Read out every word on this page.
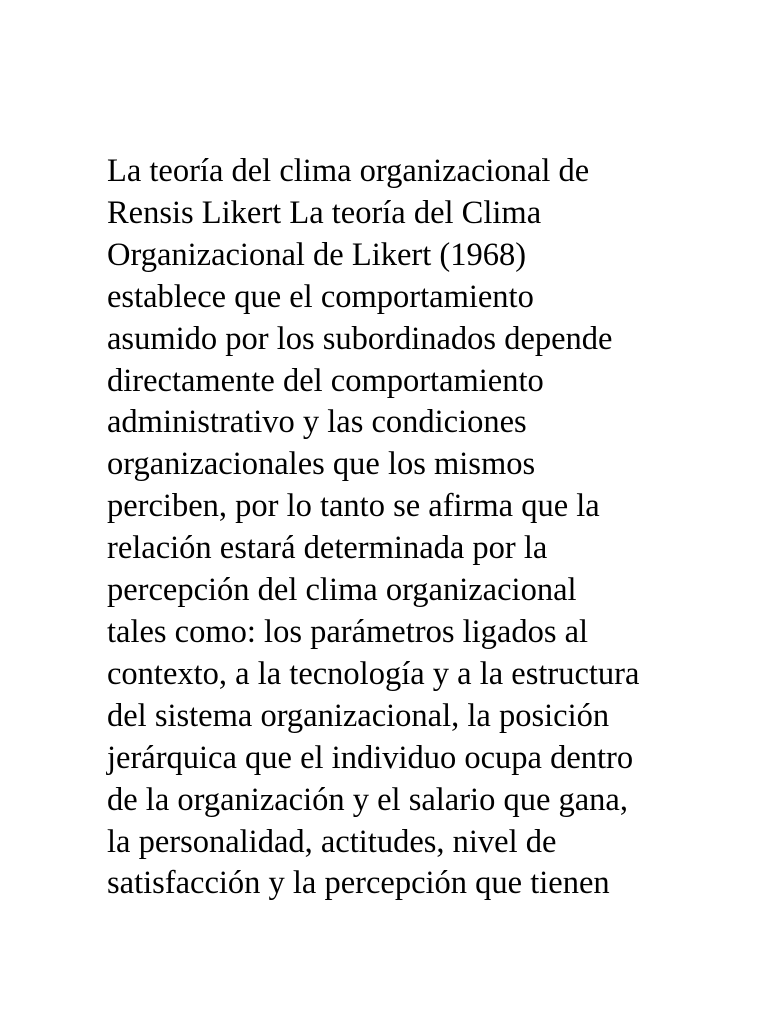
La teoría del clima organizacional de
Rensis Likert La teoría del Clima
Organizacional de Likert (1968)
establece que el comportamiento
asumido por los subordinados depende
directamente del comportamiento
administrativo y las condiciones
organizacionales que los mismos
perciben, por lo tanto se afirma que la
relación estará determinada por la
percepción del clima organizacional
tales como: los parámetros ligados al
contexto, a la tecnología y a la estructura
del sistema organizacional, la posición
jerárquica que el individuo ocupa dentro
de la organización y el salario que gana,
la personalidad, actitudes, nivel de
satisfacción y la percepción que tienen
